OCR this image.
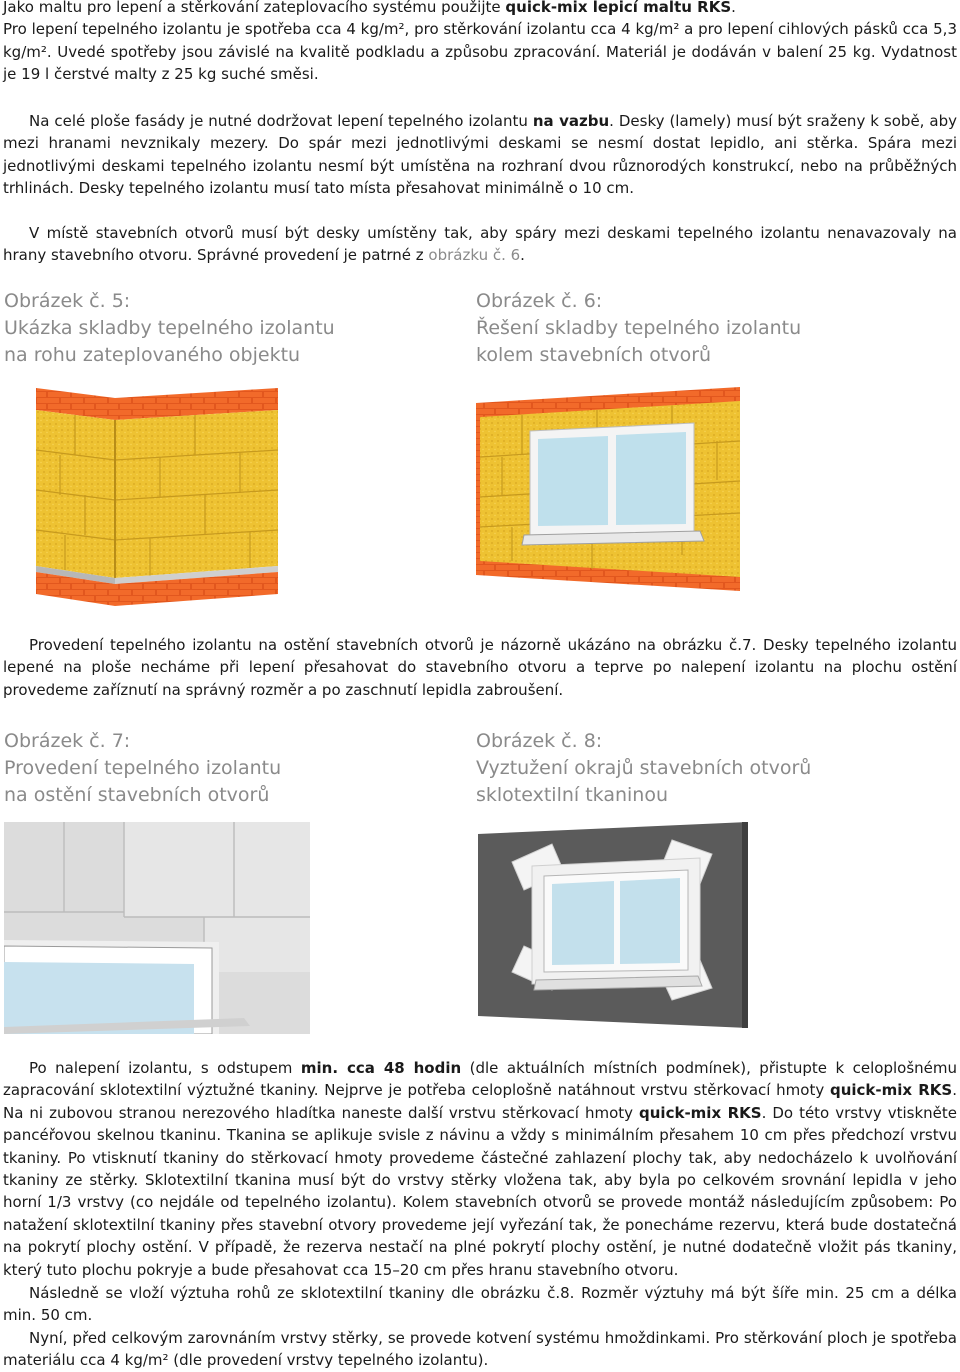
Jako maltu pro lepení a stěrkování zateplovacího systému použijte quick-mix lepicí maltu RKS.
Pro lepení tepelného izolantu je spotřeba cca 4 kg/m², pro stěrkování izolantu cca 4 kg/m² a pro lepení cihlových pásků cca 5,3 kg/m². Uvedé spotřeby jsou závislé na kvalitě podkladu a způsobu zpracování. Materiál je dodáván v balení 25 kg. Vydatnost je 19 l čerstvé malty z 25 kg suché směsi.

Na celé ploše fasády je nutné dodržovat lepení tepelného izolantu na vazbu. Desky (lamely) musí být sraženy k sobě, aby mezi hranami nevznikaly mezery. Do spár mezi jednotlivými deskami se nesmí dostat lepidlo, ani stěrka. Spára mezi jednotlivými deskami tepelného izolantu nesmí být umístěna na rozhraní dvou různorodých konstrukcí, nebo na průběžných trhlinách. Desky tepelného izolantu musí tato místa přesahovat minimálně o 10 cm.

V místě stavebních otvorů musí být desky umístěny tak, aby spáry mezi deskami tepelného izolantu nenavazovaly na hrany stavebního otvoru. Správné provedení je patrné z obrázku č. 6.

Obrázek č. 5:
Ukázka skladby tepelného izolantu
na rohu zateplovaného objektu
Obrázek č. 6:
Řešení skladby tepelného izolantu
kolem stavebních otvorů

Provedení tepelného izolantu na ostění stavebních otvorů je názorně ukázáno na obrázku č.7. Desky tepelného izolantu lepené na ploše necháme při lepení přesahovat do stavebního otvoru a teprve po nalepení izolantu na plochu ostění provedeme zaříznutí na správný rozměr a po zaschnutí lepidla zabroušení.

Obrázek č. 7:
Provedení tepelného izolantu
na ostění stavebních otvorů
Obrázek č. 8:
Vyztužení okrajů stavebních otvorů
sklotextilní tkaninou

Po nalepení izolantu, s odstupem min. cca 48 hodin (dle aktuálních místních podmínek), přistupte k celoplošnému zapracování sklotextilní výztužné tkaniny. Nejprve je potřeba celoplošně natáhnout vrstvu stěrkovací hmoty quick-mix RKS. Na ni zubovou stranou nerezového hladítka naneste další vrstvu stěrkovací hmoty quick-mix RKS. Do této vrstvy vtiskněte pancéřovou skelnou tkaninu. Tkanina se aplikuje svisle z návinu a vždy s minimálním přesahem 10 cm přes předchozí vrstvu tkaniny. Po vtisknutí tkaniny do stěrkovací hmoty provedeme částečné zahlazení plochy tak, aby nedocházelo k uvolňování tkaniny ze stěrky. Sklotextilní tkanina musí být do vrstvy stěrky vložena tak, aby byla po celkovém srovnání lepidla v jeho horní 1/3 vrstvy (co nejdále od tepelného izolantu). Kolem stavebních otvorů se provede montáž následujícím způsobem: Po natažení sklotextilní tkaniny přes stavební otvory provedeme její vyřezání tak, že ponecháme rezervu, která bude dostatečná na pokrytí plochy ostění. V případě, že rezerva nestačí na plné pokrytí plochy ostění, je nutné dodatečně vložit pás tkaniny, který tuto plochu pokryje a bude přesahovat cca 15–20 cm přes hranu stavebního otvoru.

Následně se vloží výztuha rohů ze sklotextilní tkaniny dle obrázku č.8. Rozměr výztuhy má být šíře min. 25 cm a délka min. 50 cm.

Nyní, před celkovým zarovnáním vrstvy stěrky, se provede kotvení systému hmoždinkami. Pro stěrkování ploch je spotřeba materiálu cca 4 kg/m² (dle provedení vrstvy tepelného izolantu).
